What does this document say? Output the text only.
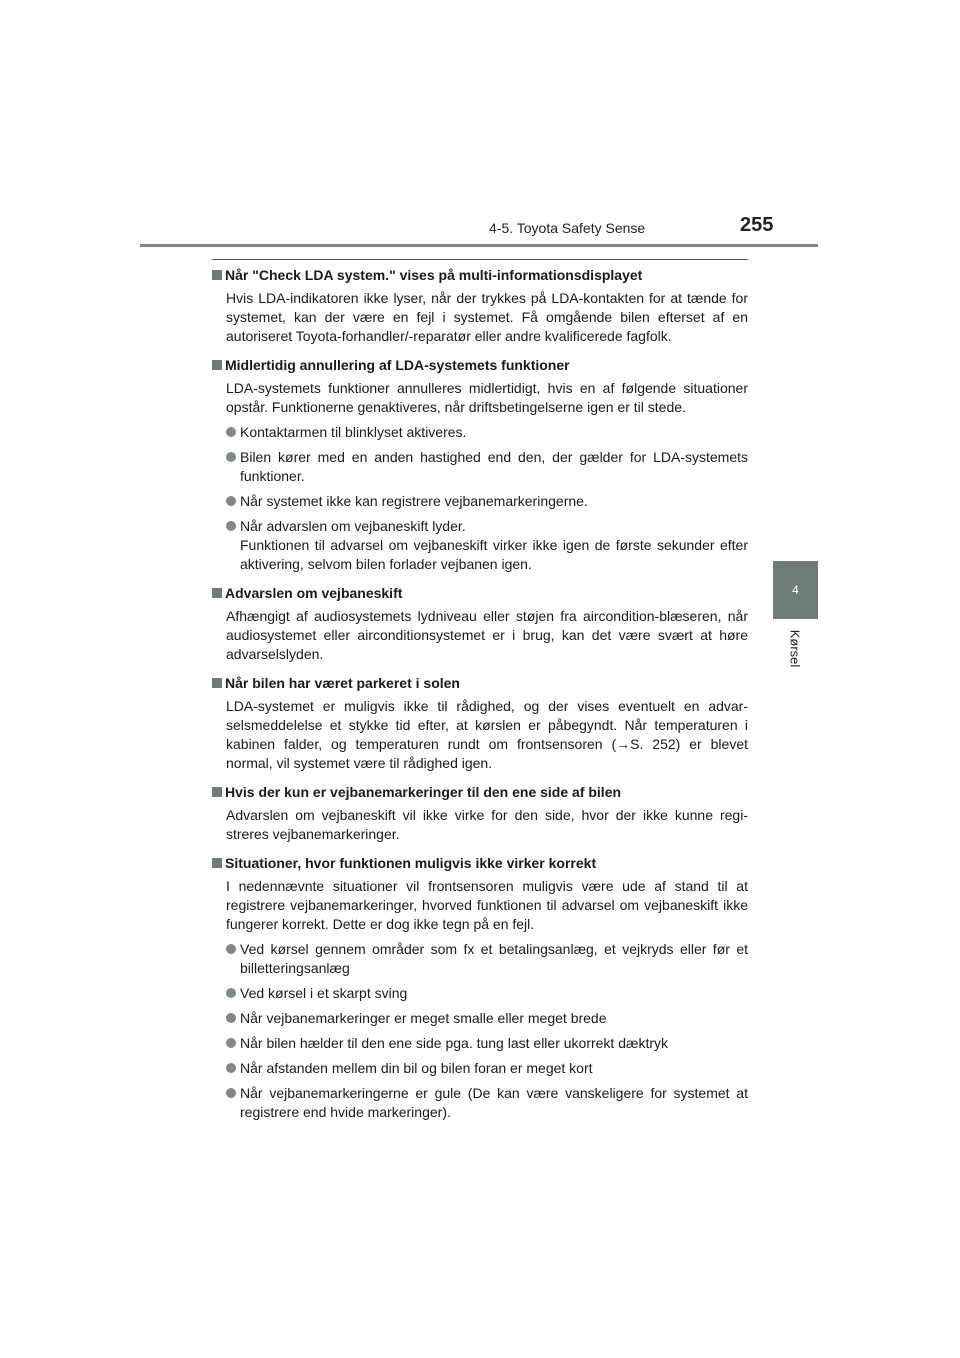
4-5. Toyota Safety Sense	255
4
Kørsel
Når "Check LDA system." vises på multi-informationsdisplayet
Hvis LDA-indikatoren ikke lyser, når der trykkes på LDA-kontakten for at tænde for systemet, kan der være en fejl i systemet. Få omgående bilen efterset af en autoriseret Toyota-forhandler/-reparatør eller andre kvalificerede fagfolk.
Midlertidig annullering af LDA-systemets funktioner
LDA-systemets funktioner annulleres midlertidigt, hvis en af følgende situationer opstår. Funktionerne genaktiveres, når driftsbetingelserne igen er til stede.
Kontaktarmen til blinklyset aktiveres.
Bilen kører med en anden hastighed end den, der gælder for LDA-systemets funktioner.
Når systemet ikke kan registrere vejbanemarkeringerne.
Når advarslen om vejbaneskift lyder.
Funktionen til advarsel om vejbaneskift virker ikke igen de første sekunder efter aktivering, selvom bilen forlader vejbanen igen.
Advarslen om vejbaneskift
Afhængigt af audiosystemets lydniveau eller støjen fra aircondition-blæseren, når audiosystemet eller airconditionsystemet er i brug, kan det være svært at høre advarselslyden.
Når bilen har været parkeret i solen
LDA-systemet er muligvis ikke til rådighed, og der vises eventuelt en advar-selsmeddelelse et stykke tid efter, at kørslen er påbegyndt. Når temperaturen i kabinen falder, og temperaturen rundt om frontsensoren (→S. 252) er blevet normal, vil systemet være til rådighed igen.
Hvis der kun er vejbanemarkeringer til den ene side af bilen
Advarslen om vejbaneskift vil ikke virke for den side, hvor der ikke kunne regi-streres vejbanemarkeringer.
Situationer, hvor funktionen muligvis ikke virker korrekt
I nedennævnte situationer vil frontsensoren muligvis være ude af stand til at registrere vejbanemarkeringer, hvorved funktionen til advarsel om vejbaneskift ikke fungerer korrekt. Dette er dog ikke tegn på en fejl.
Ved kørsel gennem områder som fx et betalingsanlæg, et vejkryds eller før et billetteringsanlæg
Ved kørsel i et skarpt sving
Når vejbanemarkeringer er meget smalle eller meget brede
Når bilen hælder til den ene side pga. tung last eller ukorrekt dæktryk
Når afstanden mellem din bil og bilen foran er meget kort
Når vejbanemarkeringerne er gule (De kan være vanskeligere for systemet at registrere end hvide markeringer).
